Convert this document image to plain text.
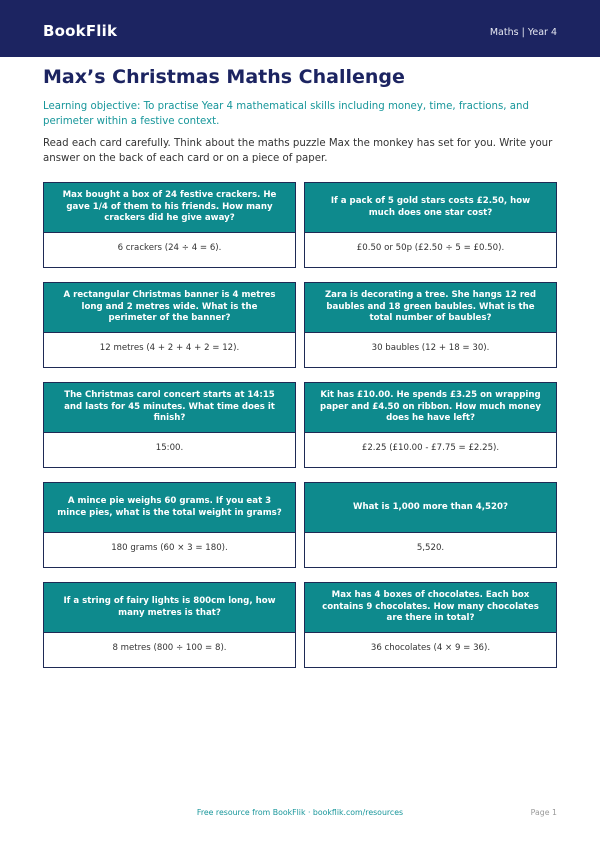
BookFlik	Maths | Year 4
Max’s Christmas Maths Challenge

Learning objective: To practise Year 4 mathematical skills including money, time, fractions, and perimeter within a festive context.

Read each card carefully. Think about the maths puzzle Max the monkey has set for you. Write your answer on the back of each card or on a piece of paper.

Max bought a box of 24 festive crackers. He gave 1/4 of them to his friends. How many crackers did he give away?
6 crackers (24 ÷ 4 = 6).
If a pack of 5 gold stars costs £2.50, how much does one star cost?
£0.50 or 50p (£2.50 ÷ 5 = £0.50).
A rectangular Christmas banner is 4 metres long and 2 metres wide. What is the perimeter of the banner?
12 metres (4 + 2 + 4 + 2 = 12).
Zara is decorating a tree. She hangs 12 red baubles and 18 green baubles. What is the total number of baubles?
30 baubles (12 + 18 = 30).
The Christmas carol concert starts at 14:15 and lasts for 45 minutes. What time does it finish?
15:00.
Kit has £10.00. He spends £3.25 on wrapping paper and £4.50 on ribbon. How much money does he have left?
£2.25 (£10.00 - £7.75 = £2.25).
A mince pie weighs 60 grams. If you eat 3 mince pies, what is the total weight in grams?
180 grams (60 × 3 = 180).
What is 1,000 more than 4,520?
5,520.
If a string of fairy lights is 800cm long, how many metres is that?
8 metres (800 ÷ 100 = 8).
Max has 4 boxes of chocolates. Each box contains 9 chocolates. How many chocolates are there in total?
36 chocolates (4 × 9 = 36).
Free resource from BookFlik · bookflik.com/resources	Page 1
